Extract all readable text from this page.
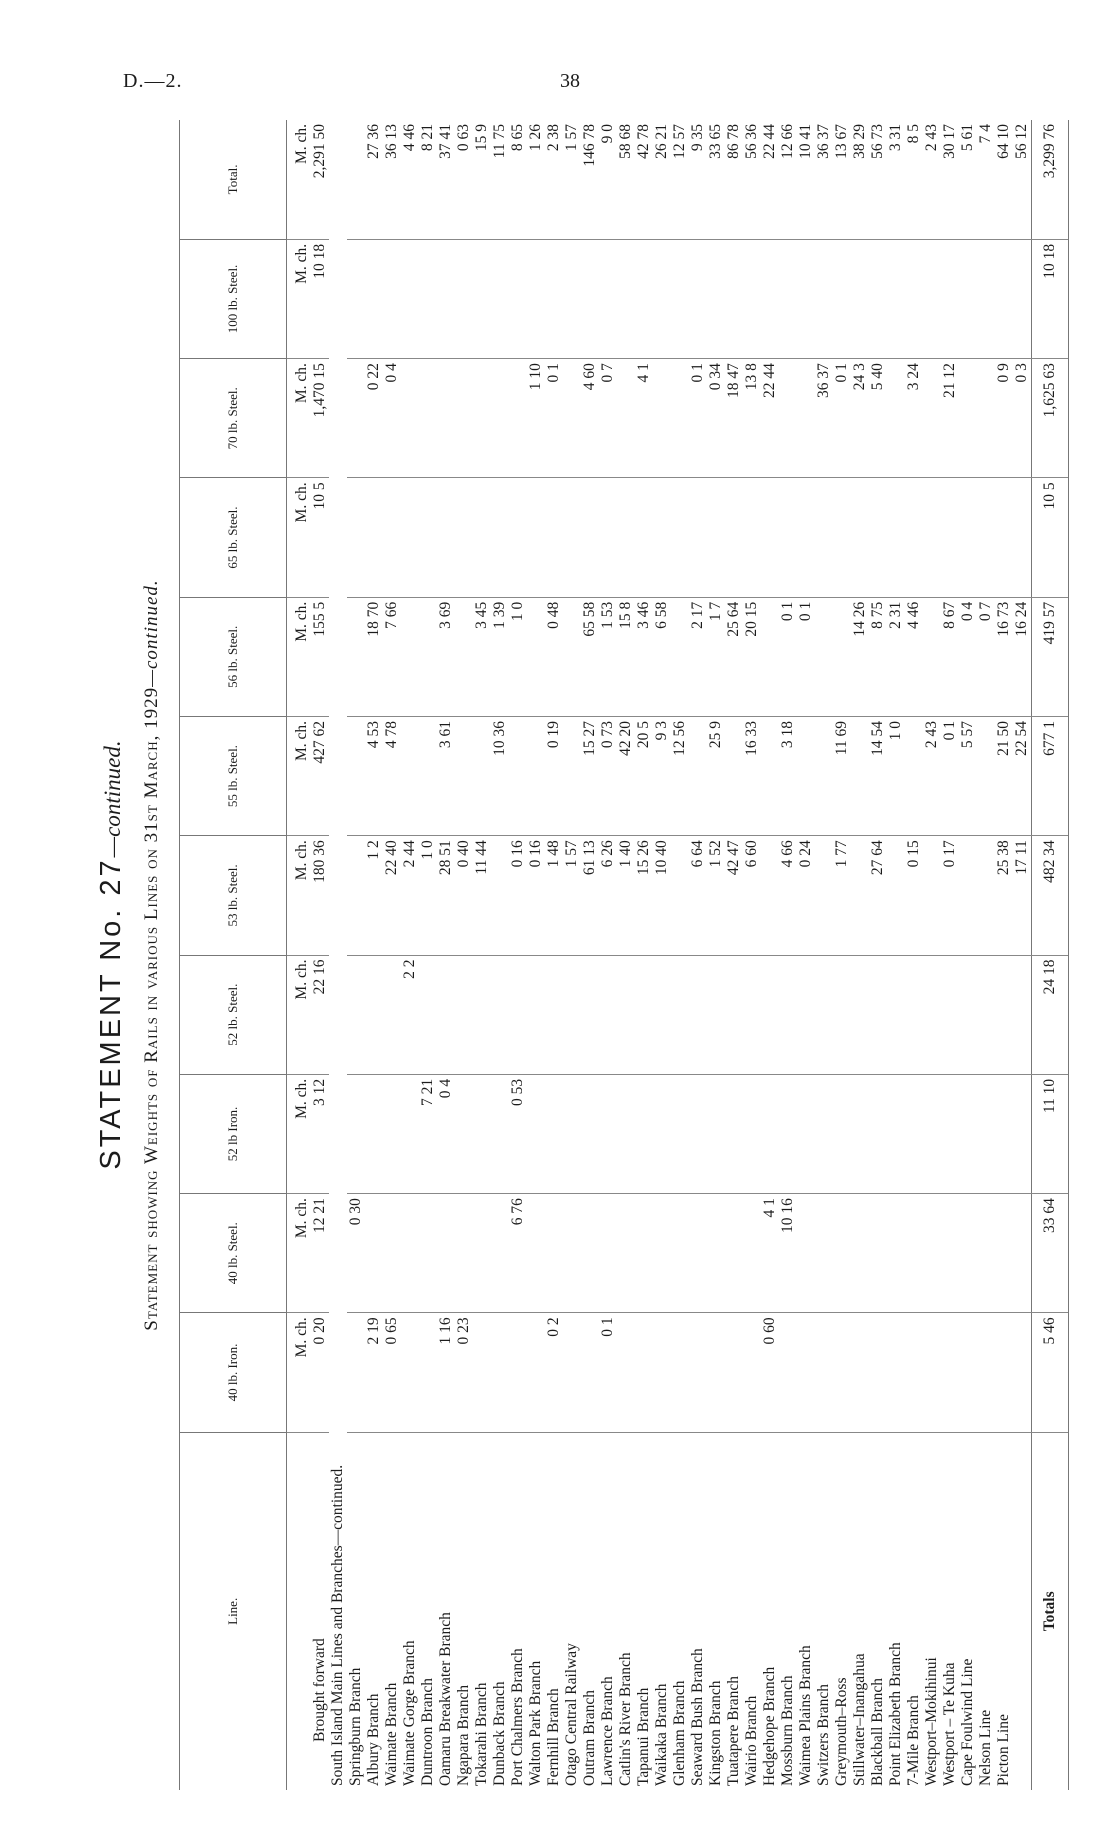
D.—2.	38
STATEMENT No. 27—continued. Statement showing Weights of Rails in various Lines on 31st March, 1929—continued.
Line.	40 lb. Iron.	40 lb. Steel.	52 lb Iron.	52 lb. Steel.	53 lb. Steel.	55 lb. Steel.	56 lb. Steel.	65 lb. Steel.	70 lb. Steel.	100 lb. Steel.	Total.
	M. ch.	M. ch.	M. ch.	M. ch.	M. ch.	M. ch.	M. ch.	M. ch.	M. ch.	M. ch.	M. ch.
Brought forward	0 20	12 21	3 12	22 16	180 36	427 62	155 5	10 5	1,470 15	10 18	2,291 50
South Island Main Lines and Branches—continued.											
Springburn Branch		0 30									
Albury Branch	2 19				1 2	4 53	18 70		0 22		27 36
Waimate Branch	0 65				22 40	4 78	7 66		0 4		36 13
Waimate Gorge Branch				2 2	2 44						4 46
Duntroon Branch			7 21		1 0						8 21
Oamaru Breakwater Branch	1 16		0 4		28 51	3 61	3 69				37 41
Ngapara Branch	0 23				0 40						0 63
Tokarahi Branch					11 44		3 45				15 9
Dunback Branch						10 36	1 39				11 75
Port Chalmers Branch		6 76	0 53		0 16		1 0				8 65
Walton Park Branch					0 16				1 10		1 26
Fernhill Branch	0 2				1 48	0 19	0 48		0 1		2 38
Otago Central Railway					1 57						1 57
Outram Branch					61 13	15 27	65 58		4 60		146 78
Lawrence Branch	0 1				6 26	0 73	1 53		0 7		9 0
Catlin's River Branch					1 40	42 20	15 8				58 68
Tapanui Branch					15 26	20 5	3 46		4 1		42 78
Waikaka Branch					10 40	9 3	6 58				26 21
Glenham Branch						12 56					12 57
Seaward Bush Branch					6 64		2 17		0 1		9 35
Kingston Branch					1 52	25 9	1 7		0 34		33 65
Tuatapere Branch					42 47		25 64		18 47		86 78
Wairio Branch					6 60	16 33	20 15		13 8		56 36
Hedgehope Branch	0 60	4 1							22 44		22 44
Mossburn Branch		10 16			4 66	3 18	0 1				12 66
Waimea Plains Branch					0 24		0 1				10 41
Switzers Branch									36 37		36 37
Greymouth–Ross					1 77	11 69			0 1		13 67
Stillwater–Inangahua							14 26		24 3		38 29
Blackball Branch					27 64	14 54	8 75		5 40		56 73
Point Elizabeth Branch						1 0	2 31				3 31
7-Mile Branch					0 15		4 46		3 24		8 5
Westport–Mokihinui						2 43					2 43
Westport – Te Kuha					0 17	0 1	8 67		21 12		30 17
Cape Foulwind Line						5 57	0 4				5 61
Nelson Line							0 7				7 4
Picton Line					25 38	21 50	16 73		0 9		64 10
					17 11	22 54	16 24		0 3		56 12
Totals	5 46	33 64	11 10	24 18	482 34	677 1	419 57	10 5	1,625 63	10 18	3,299 76
